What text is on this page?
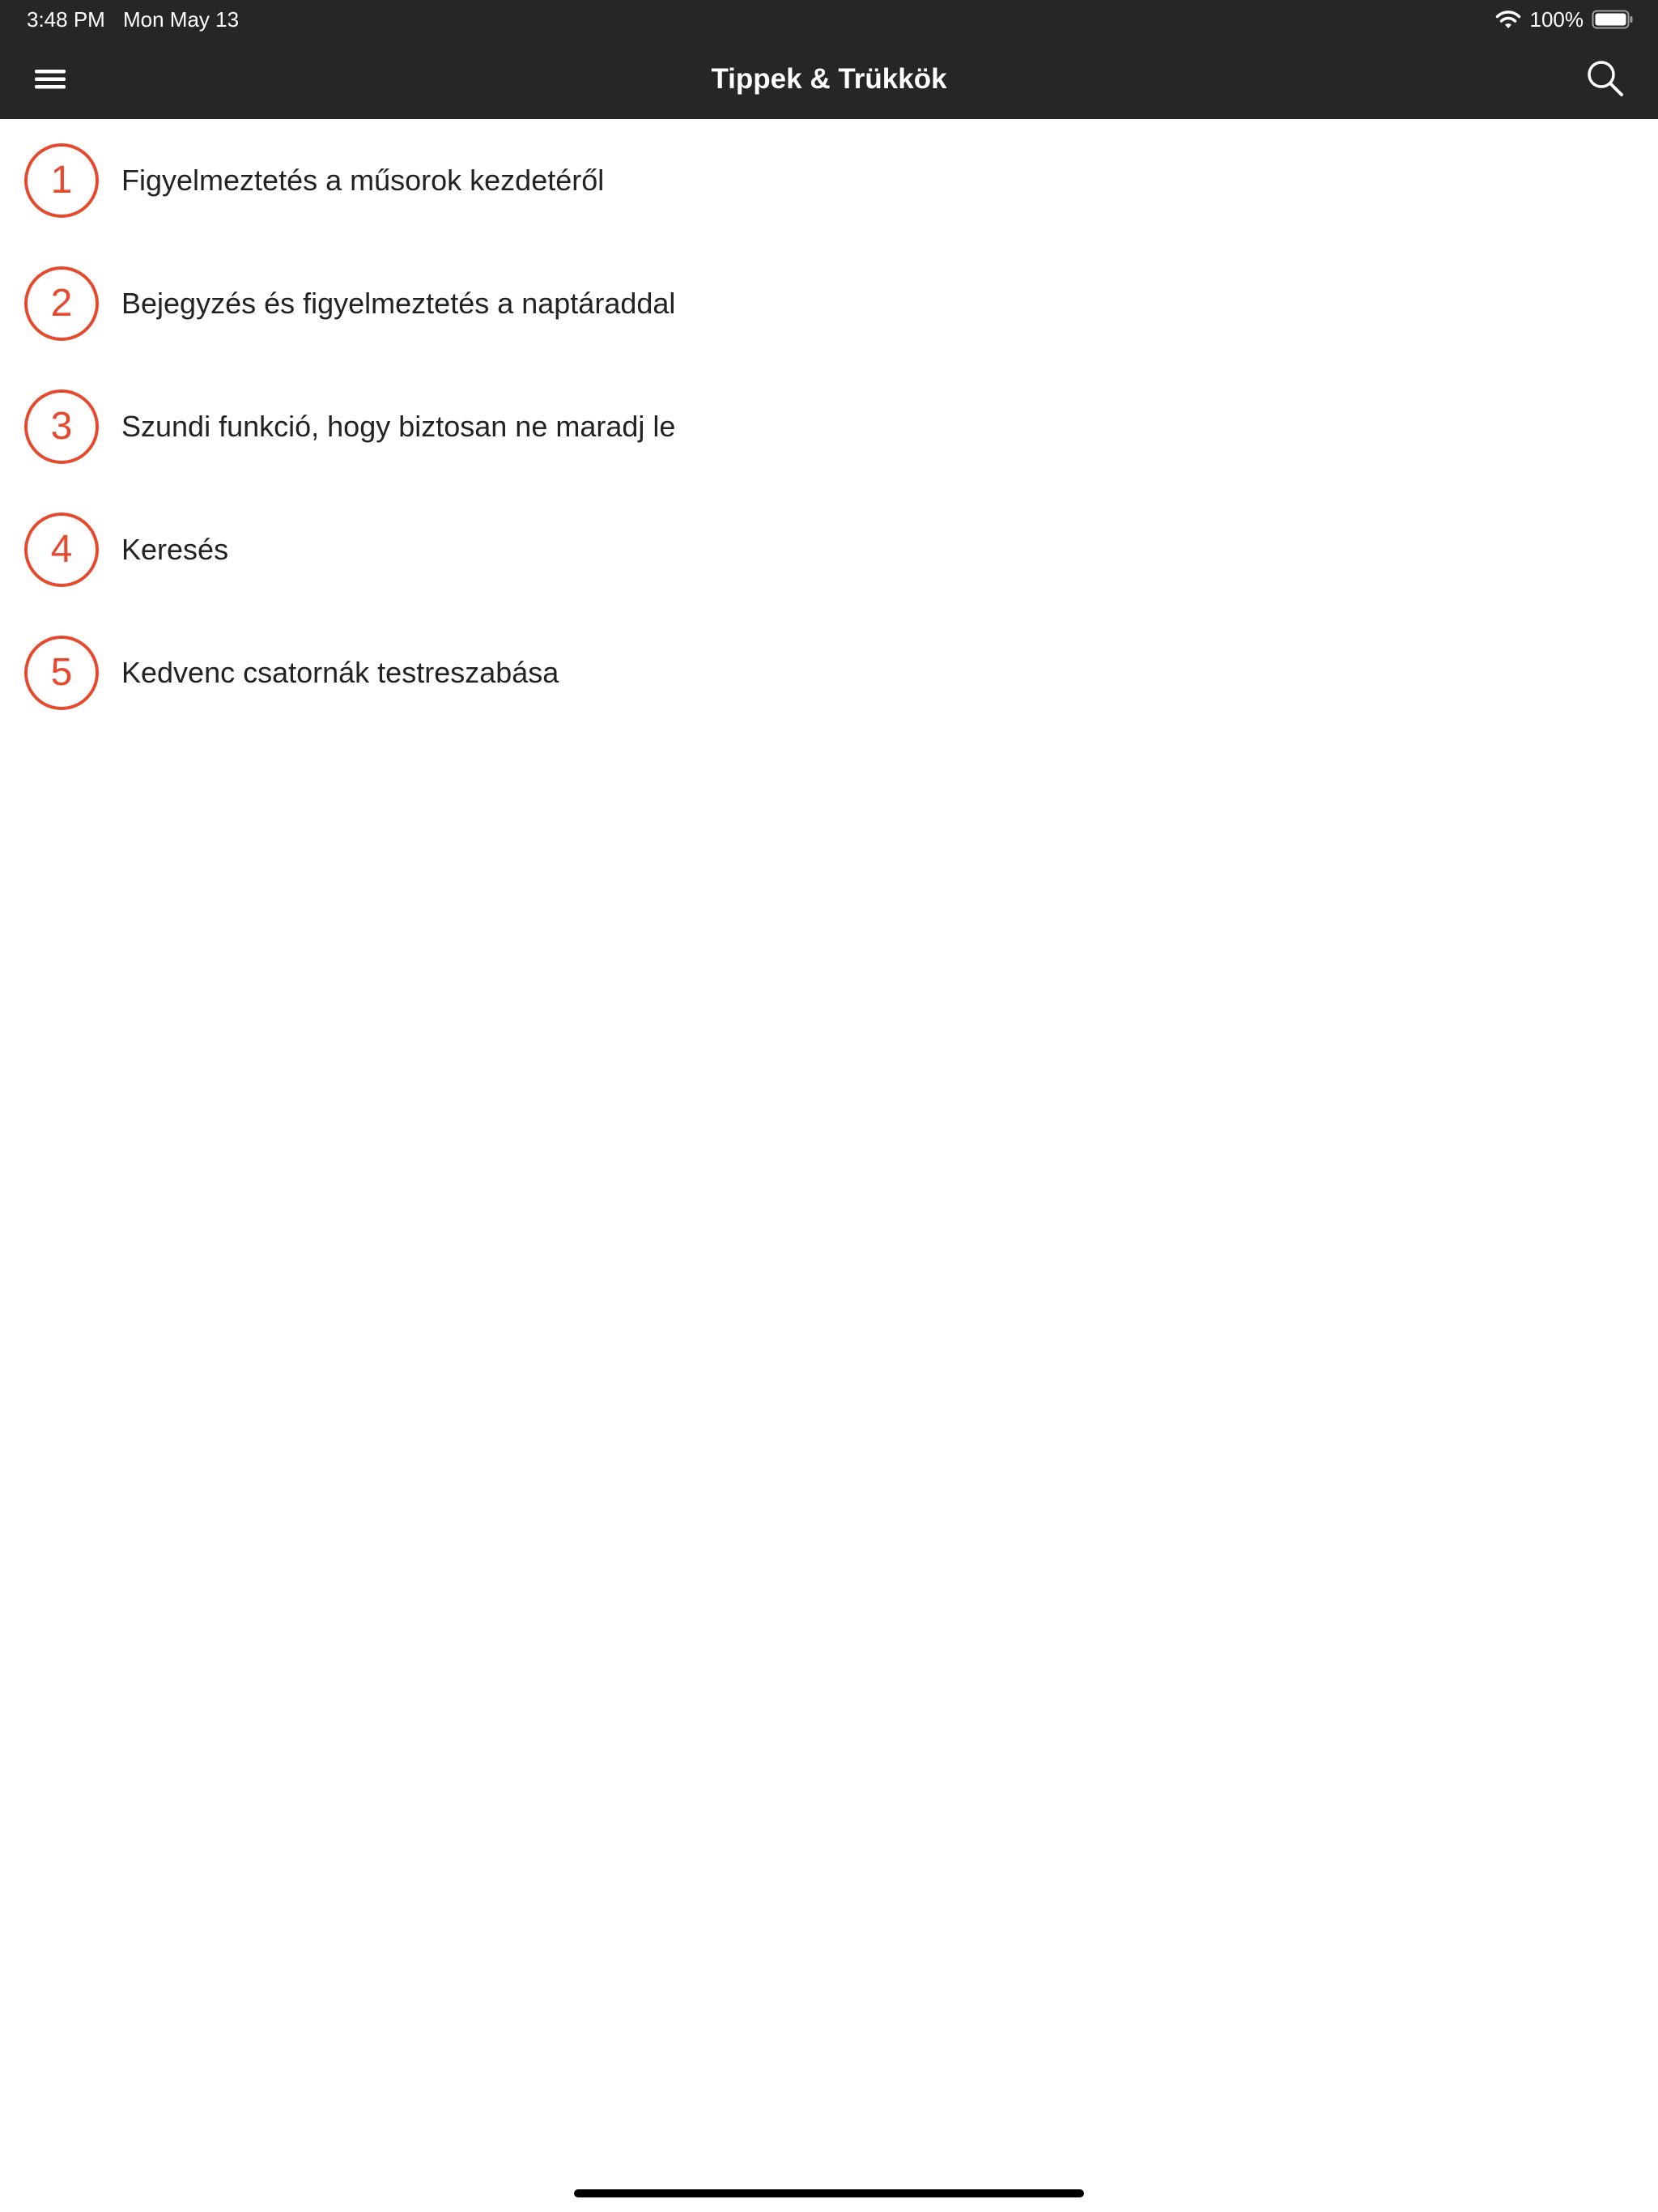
3:48 PM Mon May 13	100%
Tippek & Trükkök
1	Figyelmeztetés a műsorok kezdetéről
2	Bejegyzés és figyelmeztetés a naptáraddal
3	Szundi funkció, hogy biztosan ne maradj le
4	Keresés
5	Kedvenc csatornák testreszabása
